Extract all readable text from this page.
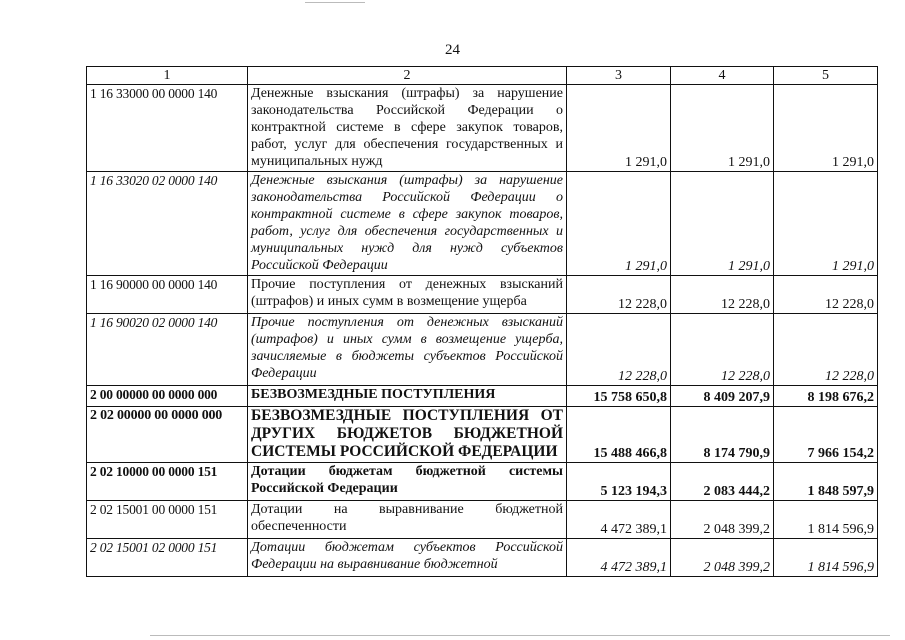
24
1	2	3	4	5
1 16 33000 00 0000 140	Денежные взыскания (штрафы) за нарушение законодательства Российской Федерации о контрактной системе в сфере закупок товаров, работ, услуг для обеспечения государственных и муниципальных нужд	1 291,0	1 291,0	1 291,0
1 16 33020 02 0000 140	Денежные взыскания (штрафы) за нарушение законодательства Российской Федерации о контрактной системе в сфере закупок товаров, работ, услуг для обеспечения государственных и муниципальных нужд для нужд субъектов Российской Федерации	1 291,0	1 291,0	1 291,0
1 16 90000 00 0000 140	Прочие поступления от денежных взысканий (штрафов) и иных сумм в возмещение ущерба	12 228,0	12 228,0	12 228,0
1 16 90020 02 0000 140	Прочие поступления от денежных взысканий (штрафов) и иных сумм в возмещение ущерба, зачисляемые в бюджеты субъектов Российской Федерации	12 228,0	12 228,0	12 228,0
2 00 00000 00 0000 000	БЕЗВОЗМЕЗДНЫЕ ПОСТУПЛЕНИЯ	15 758 650,8	8 409 207,9	8 198 676,2
2 02 00000 00 0000 000	БЕЗВОЗМЕЗДНЫЕ ПОСТУПЛЕНИЯ ОТ ДРУГИХ БЮДЖЕТОВ БЮДЖЕТНОЙ СИСТЕМЫ РОССИЙСКОЙ ФЕДЕРАЦИИ	15 488 466,8	8 174 790,9	7 966 154,2
2 02 10000 00 0000 151	Дотации бюджетам бюджетной системы Российской Федерации	5 123 194,3	2 083 444,2	1 848 597,9
2 02 15001 00 0000 151	Дотации на выравнивание бюджетной обеспеченности	4 472 389,1	2 048 399,2	1 814 596,9
2 02 15001 02 0000 151	Дотации бюджетам субъектов Российской Федерации на выравнивание бюджетной	4 472 389,1	2 048 399,2	1 814 596,9
